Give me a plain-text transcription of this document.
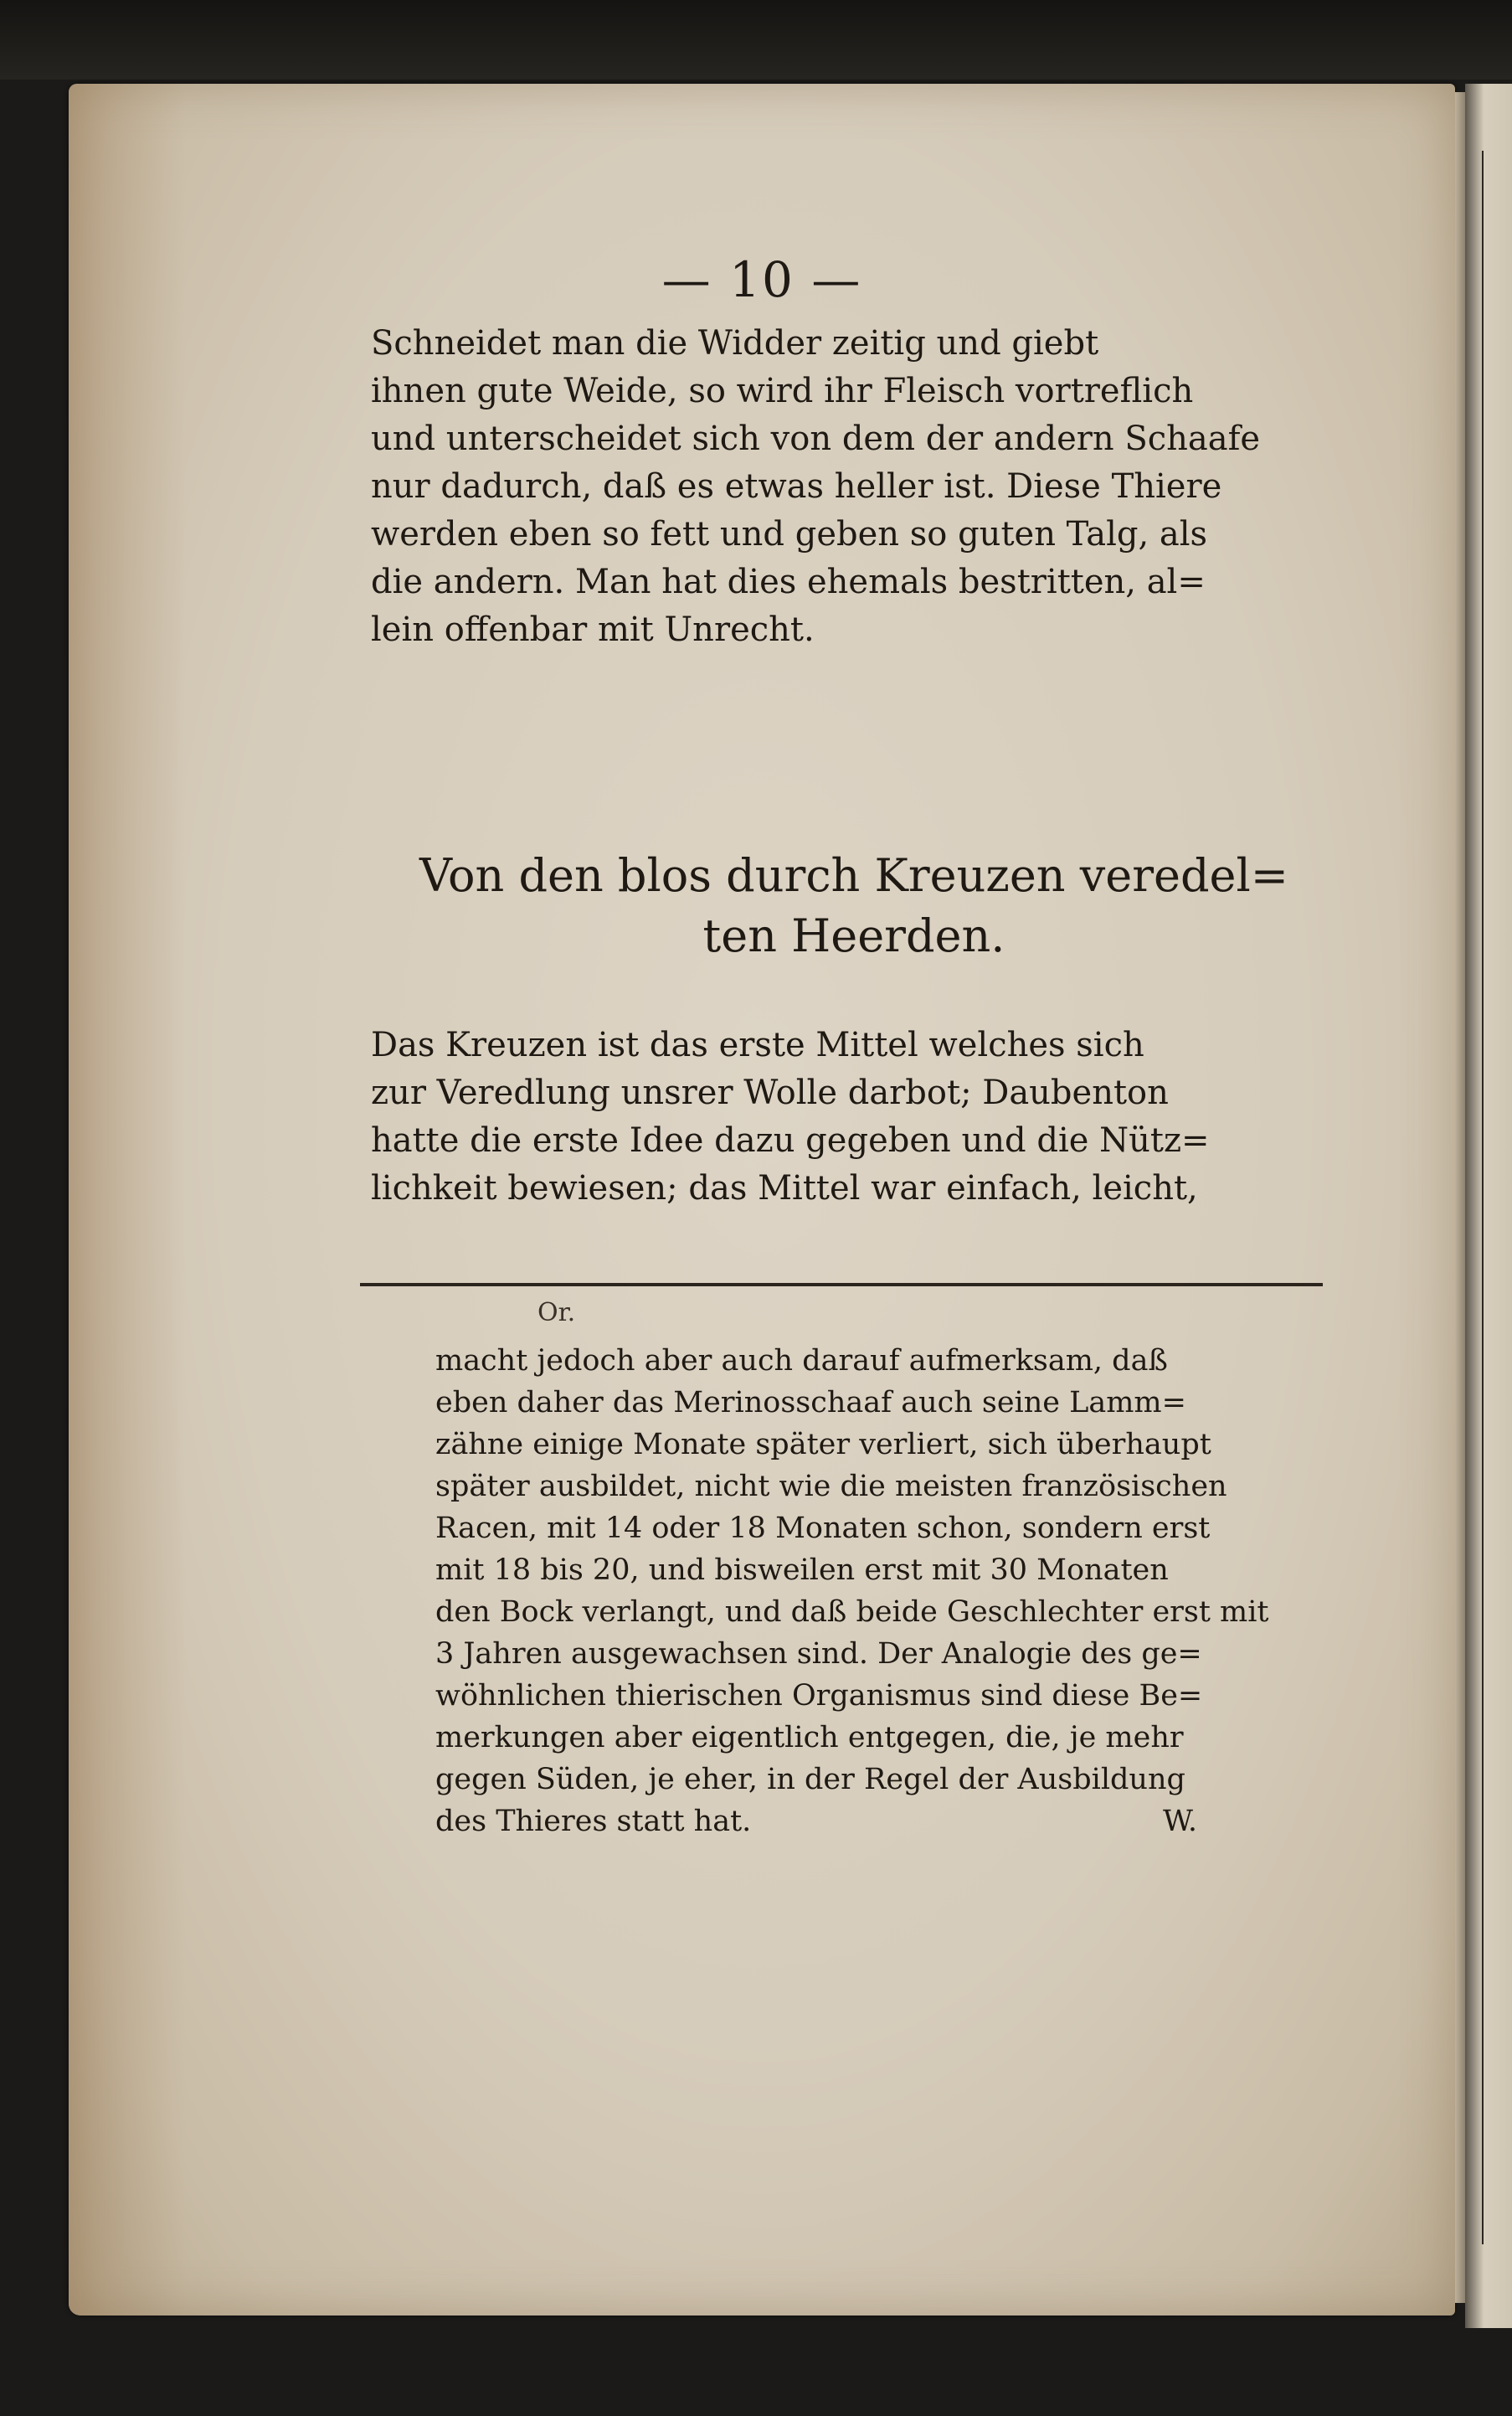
— 10 —
Schneidet man die Widder zeitig und giebt
ihnen gute Weide, so wird ihr Fleisch vortreflich
und unterscheidet sich von dem der andern Schaafe
nur dadurch, daß es etwas heller ist. Diese Thiere
werden eben so fett und geben so guten Talg, als
die andern. Man hat dies ehemals bestritten, al=
lein offenbar mit Unrecht.
Von den blos durch Kreuzen veredel=
ten Heerden.
Das Kreuzen ist das erste Mittel welches sich
zur Veredlung unsrer Wolle darbot; Daubenton
hatte die erste Idee dazu gegeben und die Nütz=
lichkeit bewiesen; das Mittel war einfach, leicht,
Or.
macht jedoch aber auch darauf aufmerksam, daß
eben daher das Merinosschaaf auch seine Lamm=
zähne einige Monate später verliert, sich überhaupt
später ausbildet, nicht wie die meisten französischen
Racen, mit 14 oder 18 Monaten schon, sondern erst
mit 18 bis 20, und bisweilen erst mit 30 Monaten
den Bock verlangt, und daß beide Geschlechter erst mit
3 Jahren ausgewachsen sind. Der Analogie des ge=
wöhnlichen thierischen Organismus sind diese Be=
merkungen aber eigentlich entgegen, die, je mehr
gegen Süden, je eher, in der Regel der Ausbildung
des Thieres statt hat.	W.
